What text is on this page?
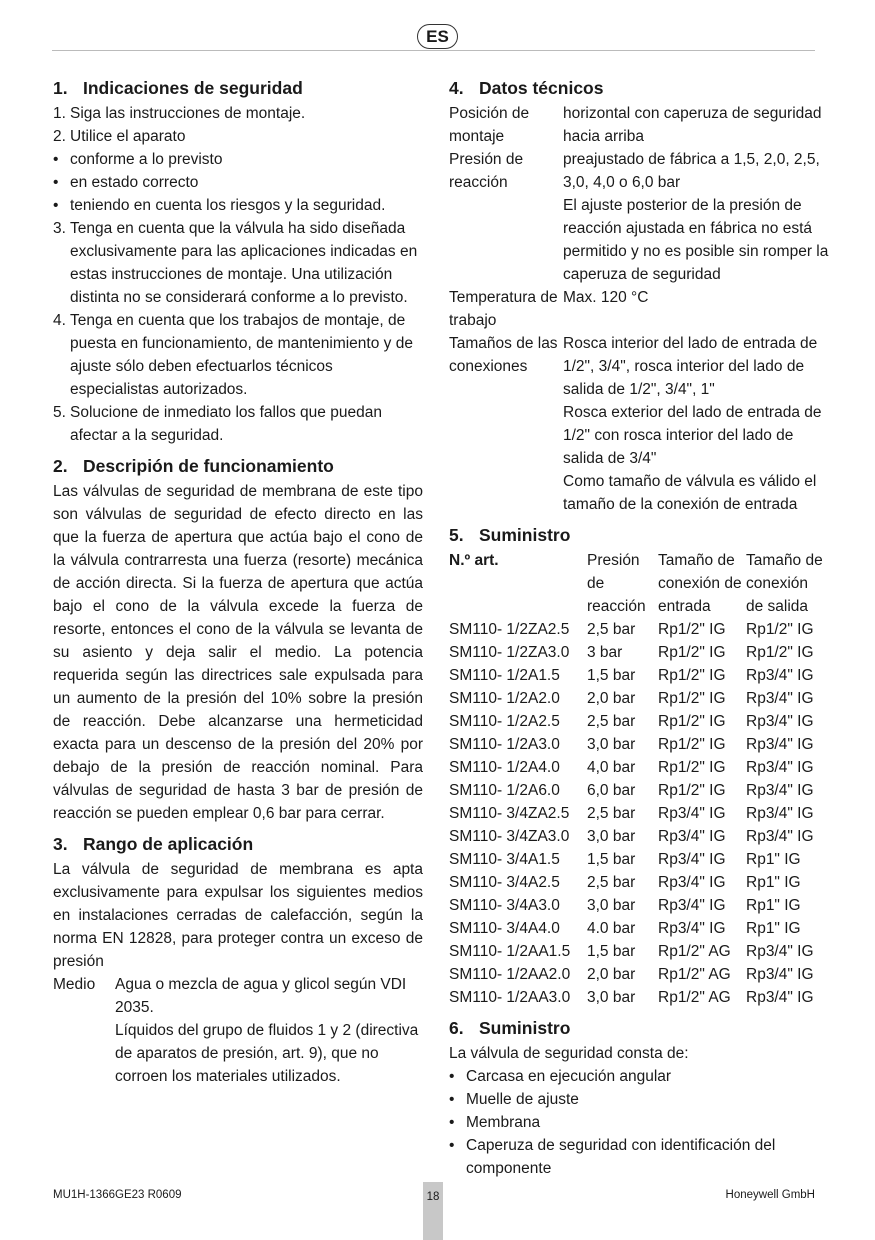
ES
1. Indicaciones de seguridad
1. Siga las instrucciones de montaje.
2. Utilice el aparato
• conforme a lo previsto
• en estado correcto
• teniendo en cuenta los riesgos y la seguridad.
3. Tenga en cuenta que la válvula ha sido diseñada exclusivamente para las aplicaciones indicadas en estas instrucciones de montaje. Una utilización distinta no se considerará conforme a lo previsto.
4. Tenga en cuenta que los trabajos de montaje, de puesta en funcionamiento, de mantenimiento y de ajuste sólo deben efectuarlos técnicos especialistas autorizados.
5. Solucione de inmediato los fallos que puedan afectar a la seguridad.
2. Descripión de funcionamiento

Las válvulas de seguridad de membrana de este tipo son válvulas de seguridad de efecto directo en las que la fuerza de apertura que actúa bajo el cono de la válvula contrarresta una fuerza (resorte) mecánica de acción directa. Si la fuerza de apertura que actúa bajo el cono de la válvula excede la fuerza de resorte, entonces el cono de la válvula se levanta de su asiento y deja salir el medio. La potencia requerida según las directrices sale expulsada para un aumento de la presión del 10% sobre la presión de reacción. Debe alcanzarse una hermeticidad exacta para un descenso de la presión del 20% por debajo de la presión de reacción nominal. Para válvulas de seguridad de hasta 3 bar de presión de reacción se pueden emplear 0,6 bar para cerrar.

3. Rango de aplicación

La válvula de seguridad de membrana es apta exclusivamente para expulsar los siguientes medios en instalaciones cerradas de calefacción, según la norma EN 12828, para proteger contra un exceso de presión

Medio	Agua o mezcla de agua y glicol según VDI 2035.

Líquidos del grupo de fluidos 1 y 2 (directiva de aparatos de presión, art. 9), que no corroen los materiales utilizados.

4. Datos técnicos
Posición de montaje	horizontal con caperuza de seguridad hacia arriba

Presión de reacción	preajustado de fábrica a 1,5, 2,0, 2,5, 3,0, 4,0 o 6,0 bar
El ajuste posterior de la presión de reacción ajustada en fábrica no está permitido y no es posible sin romper la caperuza de seguridad

Temperatura de trabajo	Max. 120 °C

Tamaños de las conexiones	Rosca interior del lado de entrada de 1/2", 3/4", rosca interior del lado de salida de 1/2", 3/4", 1"
Rosca exterior del lado de entrada de 1/2" con rosca interior del lado de salida de 3/4"
Como tamaño de válvula es válido el tamaño de la conexión de entrada
5. Suministro
N.º art.	Presión de reacción	Tamaño de conexión de entrada	Tamaño de conexión de salida
SM110- 1/2ZA2.5	2,5 bar	Rp1/2" IG	Rp1/2" IG
SM110- 1/2ZA3.0	3 bar	Rp1/2" IG	Rp1/2" IG
SM110- 1/2A1.5	1,5 bar	Rp1/2" IG	Rp3/4" IG
SM110- 1/2A2.0	2,0 bar	Rp1/2" IG	Rp3/4" IG
SM110- 1/2A2.5	2,5 bar	Rp1/2" IG	Rp3/4" IG
SM110- 1/2A3.0	3,0 bar	Rp1/2" IG	Rp3/4" IG
SM110- 1/2A4.0	4,0 bar	Rp1/2" IG	Rp3/4" IG
SM110- 1/2A6.0	6,0 bar	Rp1/2" IG	Rp3/4" IG
SM110- 3/4ZA2.5	2,5 bar	Rp3/4" IG	Rp3/4" IG
SM110- 3/4ZA3.0	3,0 bar	Rp3/4" IG	Rp3/4" IG
SM110- 3/4A1.5	1,5 bar	Rp3/4" IG	Rp1" IG
SM110- 3/4A2.5	2,5 bar	Rp3/4" IG	Rp1" IG
SM110- 3/4A3.0	3,0 bar	Rp3/4" IG	Rp1" IG
SM110- 3/4A4.0	4.0 bar	Rp3/4" IG	Rp1" IG
SM110- 1/2AA1.5	1,5 bar	Rp1/2" AG	Rp3/4" IG
SM110- 1/2AA2.0	2,0 bar	Rp1/2" AG	Rp3/4" IG
SM110- 1/2AA3.0	3,0 bar	Rp1/2" AG	Rp3/4" IG
6. Suministro

La válvula de seguridad consta de:

• Carcasa en ejecución angular
• Muelle de ajuste
• Membrana
• Caperuza de seguridad con identificación del componente
MU1H-1366GE23 R0609	18	Honeywell GmbH
